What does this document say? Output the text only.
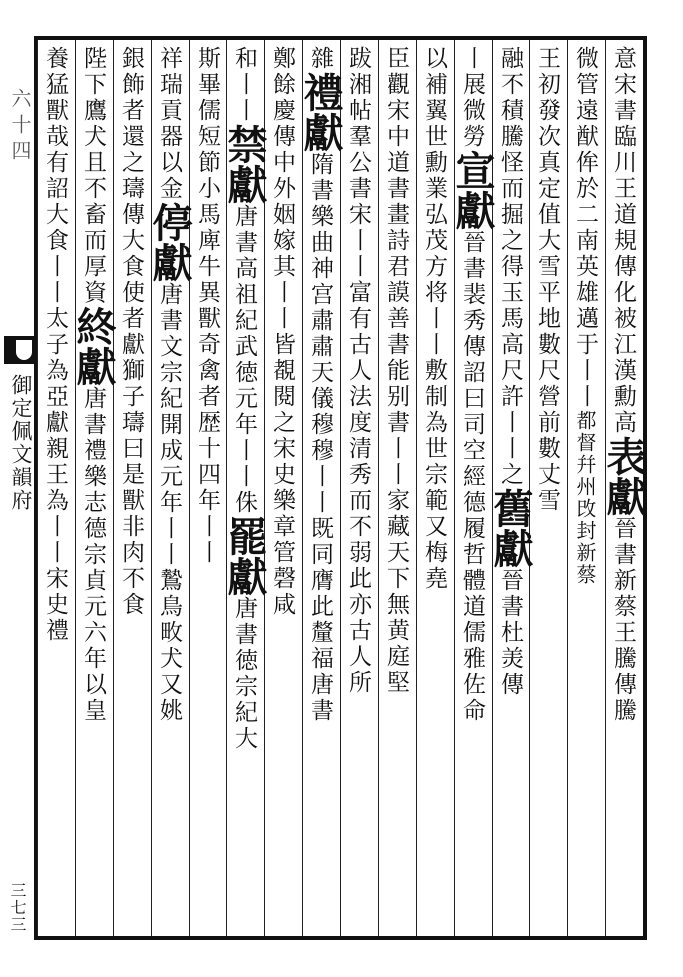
六十四
御定佩文韻府
三七三
意宋書臨川王道規傳化被江漢勳高表獻晉書新蔡王騰傳騰
微管遠猷侔於二南英雄邁于丨丨都督幷州攺封新蔡
王初發次真定值大雪平地數尺營前數丈雪
融不積騰怪而掘之得玉馬高尺許丨丨之舊獻晉書杜羙傳
丨展微勞宣獻晉書裴秀傳詔曰司空經德履哲體道儒雅佐命
以補翼世勳業弘茂方将丨丨敷制為世宗範又梅堯
臣觀宋中道書畫詩君謨善書能别書丨丨家藏天下無黄庭堅
跋湘帖羣公書宋丨丨富有古人法度清秀而不弱此亦古人所
雜禮獻隋書樂曲神宫肅肅天儀穆穆丨丨既同膺此釐福唐書
鄭餘慶傳中外姻嫁其丨丨皆覩閱之宋史樂章管磬咸
和丨丨禁獻唐書高祖紀武徳元年丨丨侏罷獻唐書徳宗紀大
斯畢儒短節小馬庳牛異獸奇禽者歴十四年丨丨
祥瑞貢器以金停獻唐書文宗紀開成元年丨丨鷙鳥畋犬又姚
銀飾者還之璹傳大食使者獻獅子璹曰是獸非肉不食
陛下鷹犬且不畜而厚資終獻唐書禮樂志德宗貞元六年以皇
養猛獸哉有詔大食丨丨太子為亞獻親王為丨丨宋史禮
